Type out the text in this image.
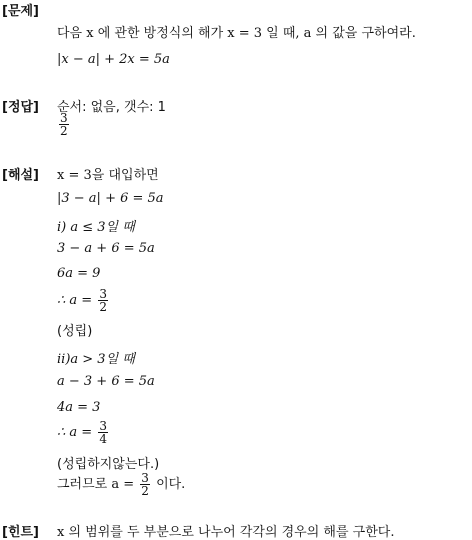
[문제]
[정답]
[해설]
[힌트]
다음 x 에 관한 방정식의 해가 x = 3 일 때, a 의 값을 구하여라.
|x − a| + 2x = 5a
순서: 없음, 갯수: 1
$\frac{3}{2}$
x = 3을 대입하면
|3 − a| + 6 = 5a
i) a ≤ 3일 때
3 − a + 6 = 5a
6a = 9
∴ $a = \frac{3}{2}$
(성립)
ii)a > 3일 때
a − 3 + 6 = 5a
4a = 3
∴ $a = \frac{3}{4}$
(성립하지않는다.)
그러므로 $a = \frac{3}{2}$ 이다.
x 의 범위를 두 부분으로 나누어 각각의 경우의 해를 구한다.
